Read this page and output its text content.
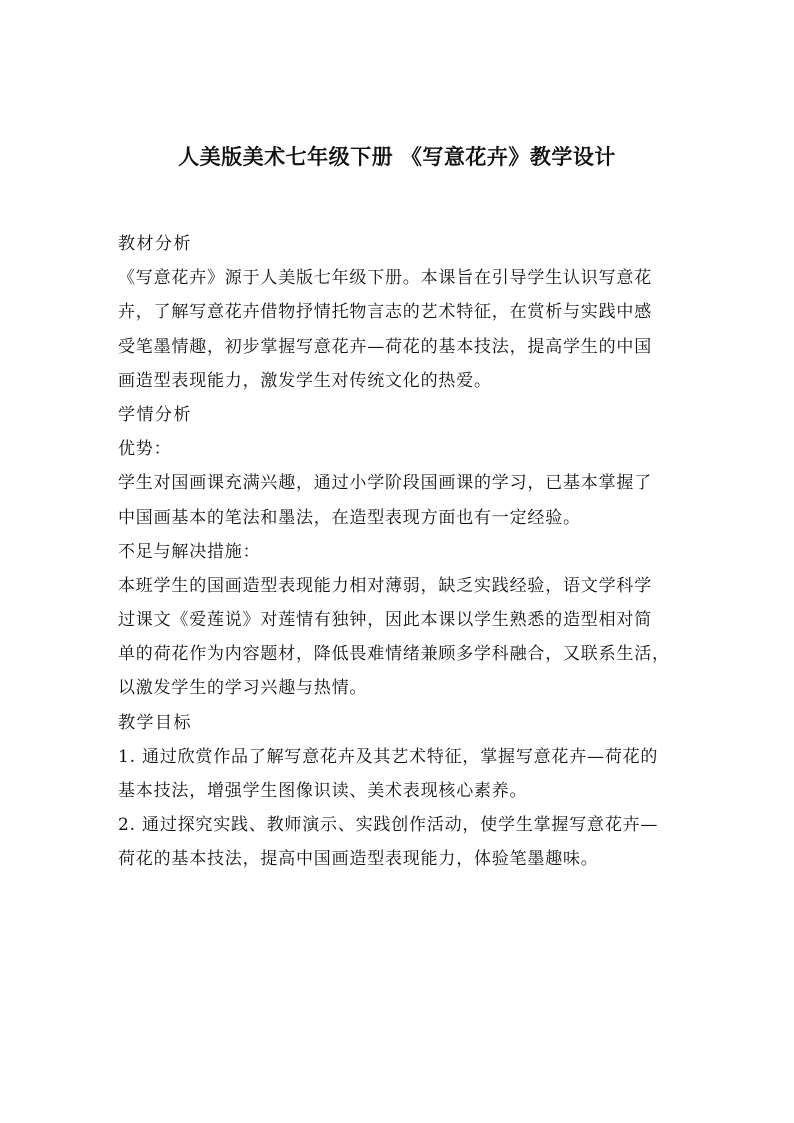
人美版美术七年级下册 《写意花卉》教学设计
教材分析
《写意花卉》源于人美版七年级下册。本课旨在引导学生认识写意花
卉，了解写意花卉借物抒情托物言志的艺术特征，在赏析与实践中感
受笔墨情趣，初步掌握写意花卉—荷花的基本技法，提高学生的中国
画造型表现能力，激发学生对传统文化的热爱。
学情分析
优势：
学生对国画课充满兴趣，通过小学阶段国画课的学习，已基本掌握了
中国画基本的笔法和墨法，在造型表现方面也有一定经验。
不足与解决措施：
本班学生的国画造型表现能力相对薄弱，缺乏实践经验，语文学科学
过课文《爱莲说》对莲情有独钟，因此本课以学生熟悉的造型相对简
单的荷花作为内容题材，降低畏难情绪兼顾多学科融合，又联系生活，
以激发学生的学习兴趣与热情。
教学目标
1. 通过欣赏作品了解写意花卉及其艺术特征，掌握写意花卉—荷花的
基本技法，增强学生图像识读、美术表现核心素养。
2. 通过探究实践、教师演示、实践创作活动，使学生掌握写意花卉—
荷花的基本技法，提高中国画造型表现能力，体验笔墨趣味。
